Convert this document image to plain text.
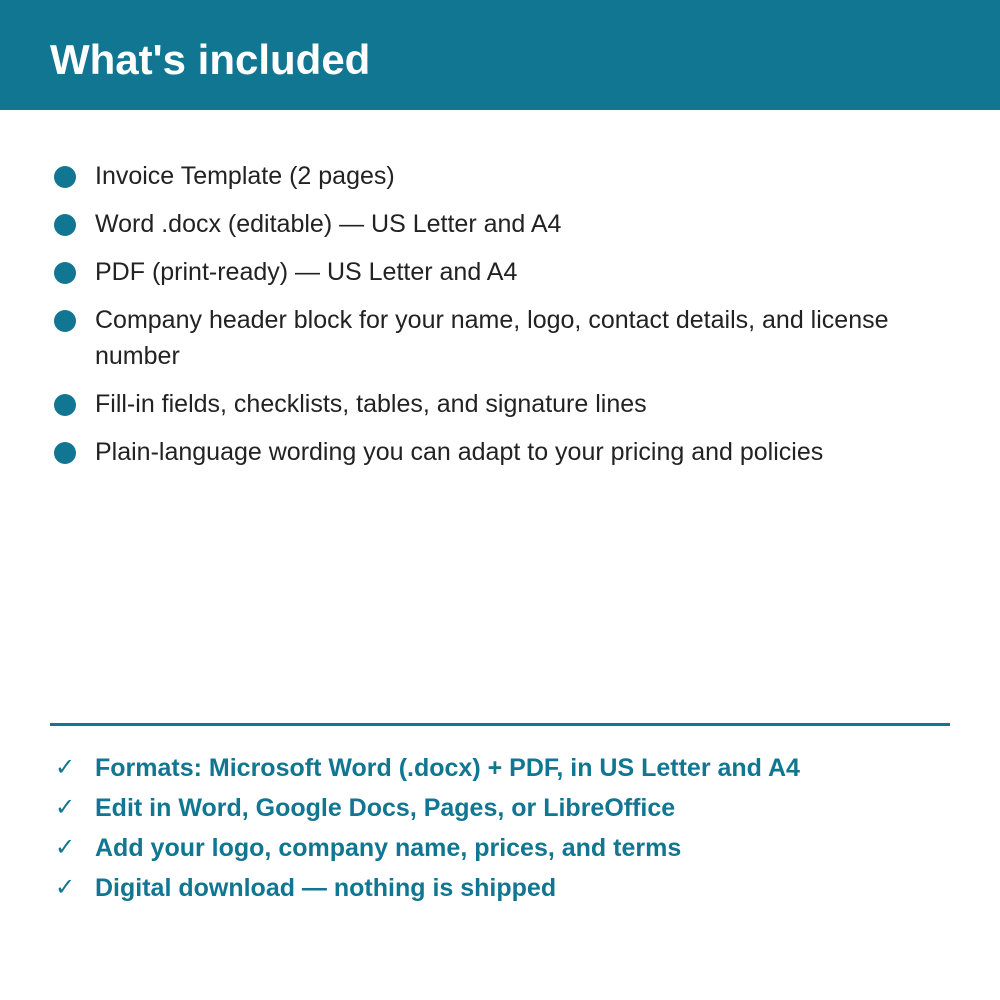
What's included
Invoice Template (2 pages)
Word .docx (editable) — US Letter and A4
PDF (print-ready) — US Letter and A4
Company header block for your name, logo, contact details, and license number
Fill-in fields, checklists, tables, and signature lines
Plain-language wording you can adapt to your pricing and policies
✓ Formats: Microsoft Word (.docx) + PDF, in US Letter and A4
✓ Edit in Word, Google Docs, Pages, or LibreOffice
✓ Add your logo, company name, prices, and terms
✓ Digital download — nothing is shipped
